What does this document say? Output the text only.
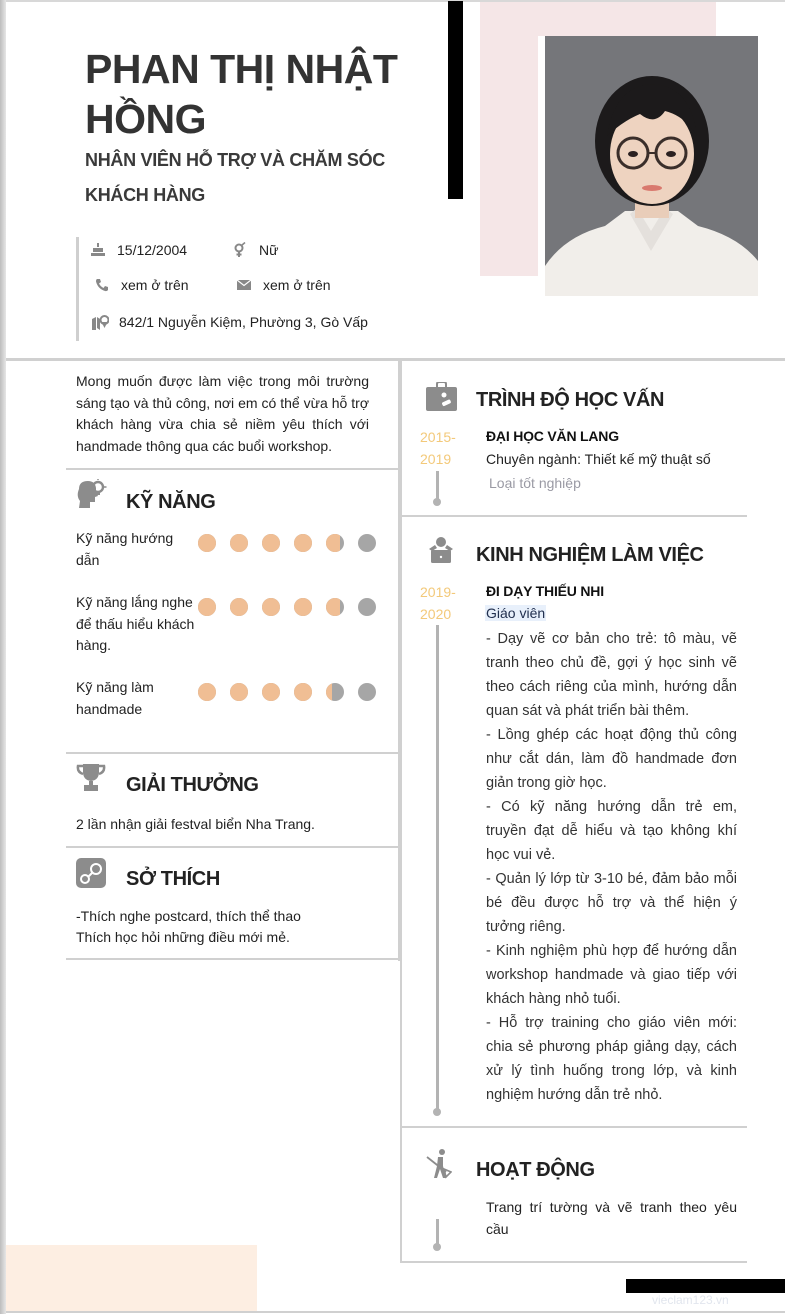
PHAN THỊ NHẬT HỒNG
NHÂN VIÊN HỖ TRỢ VÀ CHĂM SÓC KHÁCH HÀNG
15/12/2004	Nữ
xem ở trên	xem ở trên
842/1 Nguyễn Kiệm, Phường 3, Gò Vấp
Mong muốn được làm việc trong môi trường sáng tạo và thủ công, nơi em có thể vừa hỗ trợ khách hàng vừa chia sẻ niềm yêu thích với handmade thông qua các buổi workshop.
KỸ NĂNG
Kỹ năng hướng dẫn
Kỹ năng lắng nghe để thấu hiểu khách hàng.
Kỹ năng làm handmade
GIẢI THƯỞNG
2 lần nhận giải festval biển Nha Trang.
SỞ THÍCH
-Thích nghe postcard, thích thể thao
Thích học hỏi những điều mới mẻ.
TRÌNH ĐỘ HỌC VẤN
2015-
2019
ĐẠI HỌC VĂN LANG
Chuyên ngành: Thiết kế mỹ thuật số
Loại tốt nghiệp
KINH NGHIỆM LÀM VIỆC
2019-
2020
ĐI DẠY THIẾU NHI
Giáo viên

- Dạy vẽ cơ bản cho trẻ: tô màu, vẽ tranh theo chủ đề, gợi ý học sinh vẽ theo cách riêng của mình, hướng dẫn quan sát và phát triển bài thêm.

- Lồng ghép các hoạt động thủ công như cắt dán, làm đồ handmade đơn giản trong giờ học.

- Có kỹ năng hướng dẫn trẻ em, truyền đạt dễ hiểu và tạo không khí học vui vẻ.

- Quản lý lớp từ 3-10 bé, đảm bảo mỗi bé đều được hỗ trợ và thể hiện ý tưởng riêng.

- Kinh nghiệm phù hợp để hướng dẫn workshop handmade và giao tiếp với khách hàng nhỏ tuổi.

- Hỗ trợ training cho giáo viên mới: chia sẻ phương pháp giảng dạy, cách xử lý tình huống trong lớp, và kinh nghiệm hướng dẫn trẻ nhỏ.

HOẠT ĐỘNG
Trang trí tường và vẽ tranh theo yêu cầu
vieclam123.vn
